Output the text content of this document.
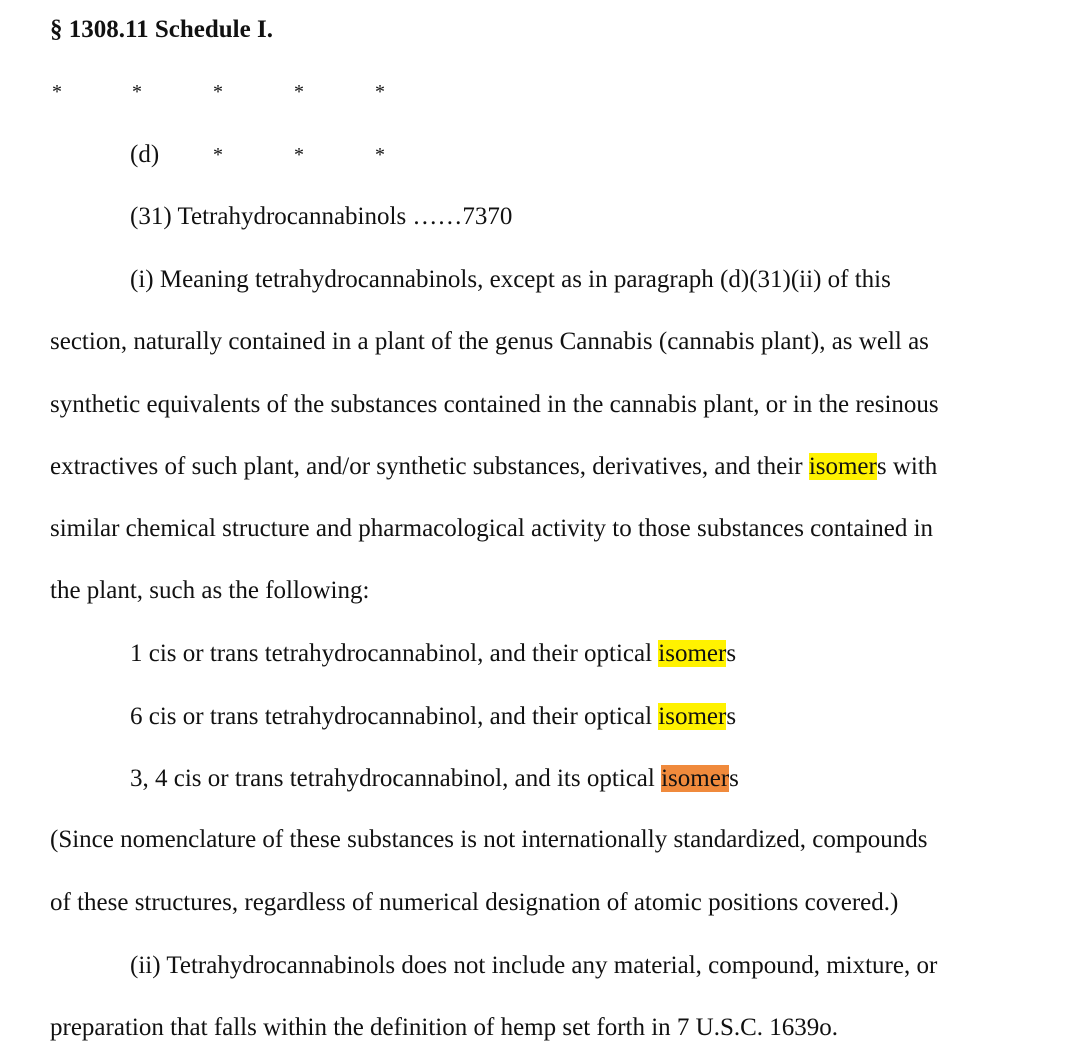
§ 1308.11 Schedule I.
*	*	*	*	*
(d)	*	*	*
(31) Tetrahydrocannabinols ……7370
(i) Meaning tetrahydrocannabinols, except as in paragraph (d)(31)(ii) of this
section, naturally contained in a plant of the genus Cannabis (cannabis plant), as well as
synthetic equivalents of the substances contained in the cannabis plant, or in the resinous
extractives of such plant, and/or synthetic substances, derivatives, and their isomers with
similar chemical structure and pharmacological activity to those substances contained in
the plant, such as the following:
1 cis or trans tetrahydrocannabinol, and their optical isomers
6 cis or trans tetrahydrocannabinol, and their optical isomers
3, 4 cis or trans tetrahydrocannabinol, and its optical isomers
(Since nomenclature of these substances is not internationally standardized, compounds
of these structures, regardless of numerical designation of atomic positions covered.)
(ii) Tetrahydrocannabinols does not include any material, compound, mixture, or
preparation that falls within the definition of hemp set forth in 7 U.S.C. 1639o.
